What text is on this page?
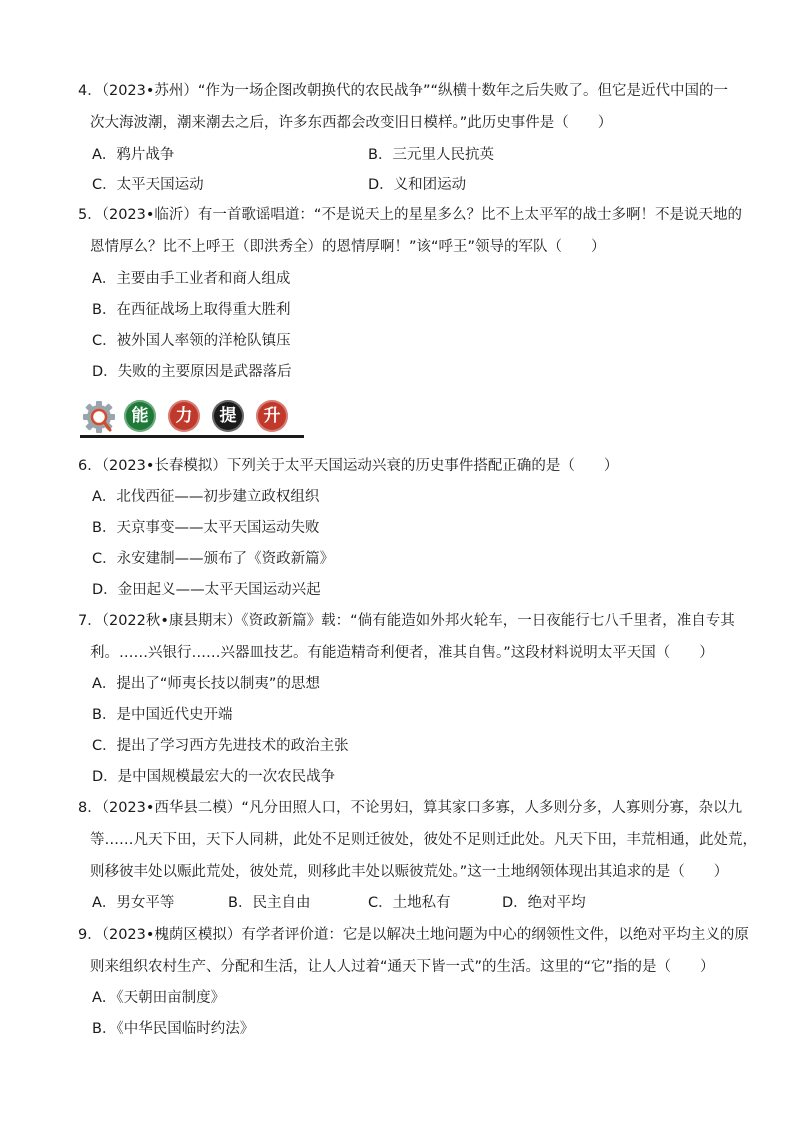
4．（2023•苏州）“作为一场企图改朝换代的农民战争”“纵横十数年之后失败了。但它是近代中国的一
次大海波潮，潮来潮去之后，许多东西都会改变旧日模样。”此历史事件是（　　）
A．鸦片战争	B．三元里人民抗英
C．太平天国运动	D．义和团运动
5．（2023•临沂）有一首歌谣唱道：“不是说天上的星星多么？比不上太平军的战士多啊！不是说天地的
恩情厚么？比不上呼王（即洪秀全）的恩情厚啊！”该“呼王”领导的军队（　　）
A．主要由手工业者和商人组成
B．在西征战场上取得重大胜利
C．被外国人率领的洋枪队镇压
D．失败的主要原因是武器落后
能	力	提	升
6．（2023•长春模拟）下列关于太平天国运动兴衰的历史事件搭配正确的是（　　）
A．北伐西征——初步建立政权组织
B．天京事变——太平天国运动失败
C．永安建制——颁布了《资政新篇》
D．金田起义——太平天国运动兴起
7．（2022秋•康县期末）《资政新篇》载：“倘有能造如外邦火轮车，一日夜能行七八千里者，准自专其
利。……兴银行……兴器皿技艺。有能造精奇利便者，准其自售。”这段材料说明太平天国（　　）
A．提出了“师夷长技以制夷”的思想
B．是中国近代史开端
C．提出了学习西方先进技术的政治主张
D．是中国规模最宏大的一次农民战争
8．（2023•西华县二模）“凡分田照人口，不论男妇，算其家口多寡，人多则分多，人寡则分寡，杂以九
等……凡天下田，天下人同耕，此处不足则迁彼处，彼处不足则迁此处。凡天下田，丰荒相通，此处荒，
则移彼丰处以赈此荒处，彼处荒，则移此丰处以赈彼荒处。”这一土地纲领体现出其追求的是（　　）
A．男女平等	B．民主自由	C．土地私有	D．绝对平均
9．（2023•槐荫区模拟）有学者评价道：它是以解决土地问题为中心的纲领性文件，以绝对平均主义的原
则来组织农村生产、分配和生活，让人人过着“通天下皆一式”的生活。这里的“它”指的是（　　）
A．《天朝田亩制度》
B．《中华民国临时约法》
